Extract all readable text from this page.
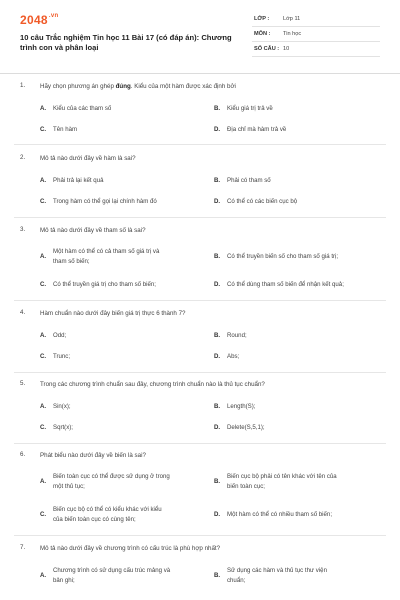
$2048^{.vn}$
10 câu Trắc nghiệm Tin học 11 Bài 17 (có đáp án): Chương trình con và phân loại
LỚP : Lớp 11
MÔN : Tin học
SỐ CÂU : 10
1. Hãy chọn phương án ghép đúng. Kiểu của một hàm được xác định bởi
A. Kiểu của các tham số	B. Kiểu giá trị trả về
C. Tên hàm	D. Địa chỉ mà hàm trả về
2. Mô tả nào dưới đây về hàm là sai?
A. Phải trả lại kết quả	B. Phải có tham số
C. Trong hàm có thể gọi lại chính hàm đó	D. Có thể có các biến cục bộ
3. Mô tả nào dưới đây về tham số là sai?
A.
Một hàm có thể có cả tham số giá trị và
tham số biến;
B. Có thể truyền biến số cho tham số giá trị;
C. Có thể truyền giá trị cho tham số biến;	D. Có thể dùng tham số biến để nhận kết quả;
4. Hàm chuẩn nào dưới đây biến giá trị thực 6 thành 7?
A. Odd;	B. Round;
C. Trunc;	D. Abs;
5. Trong các chương trình chuẩn sau đây, chương trình chuẩn nào là thủ tục chuẩn?
A. Sin(x);	B. Length(S);
C. Sqrt(x);	D. Delete(S,5,1);
6. Phát biểu nào dưới đây về biến là sai?
A.
Biến toàn cục có thể được sử dụng ở trong
một thủ tục;
B.
Biến cục bộ phải có tên khác với tên của
biến toàn cục;
C.
Biến cục bộ có thể có kiểu khác với kiểu
của biến toàn cục có cùng tên;
D. Một hàm có thể có nhiều tham số biến;
7. Mô tả nào dưới đây về chương trình có cấu trúc là phù hợp nhất?
A.
Chương trình có sử dụng cấu trúc mảng và
bản ghi;
B.
Sử dụng các hàm và thủ tục thư viện
chuẩn;
